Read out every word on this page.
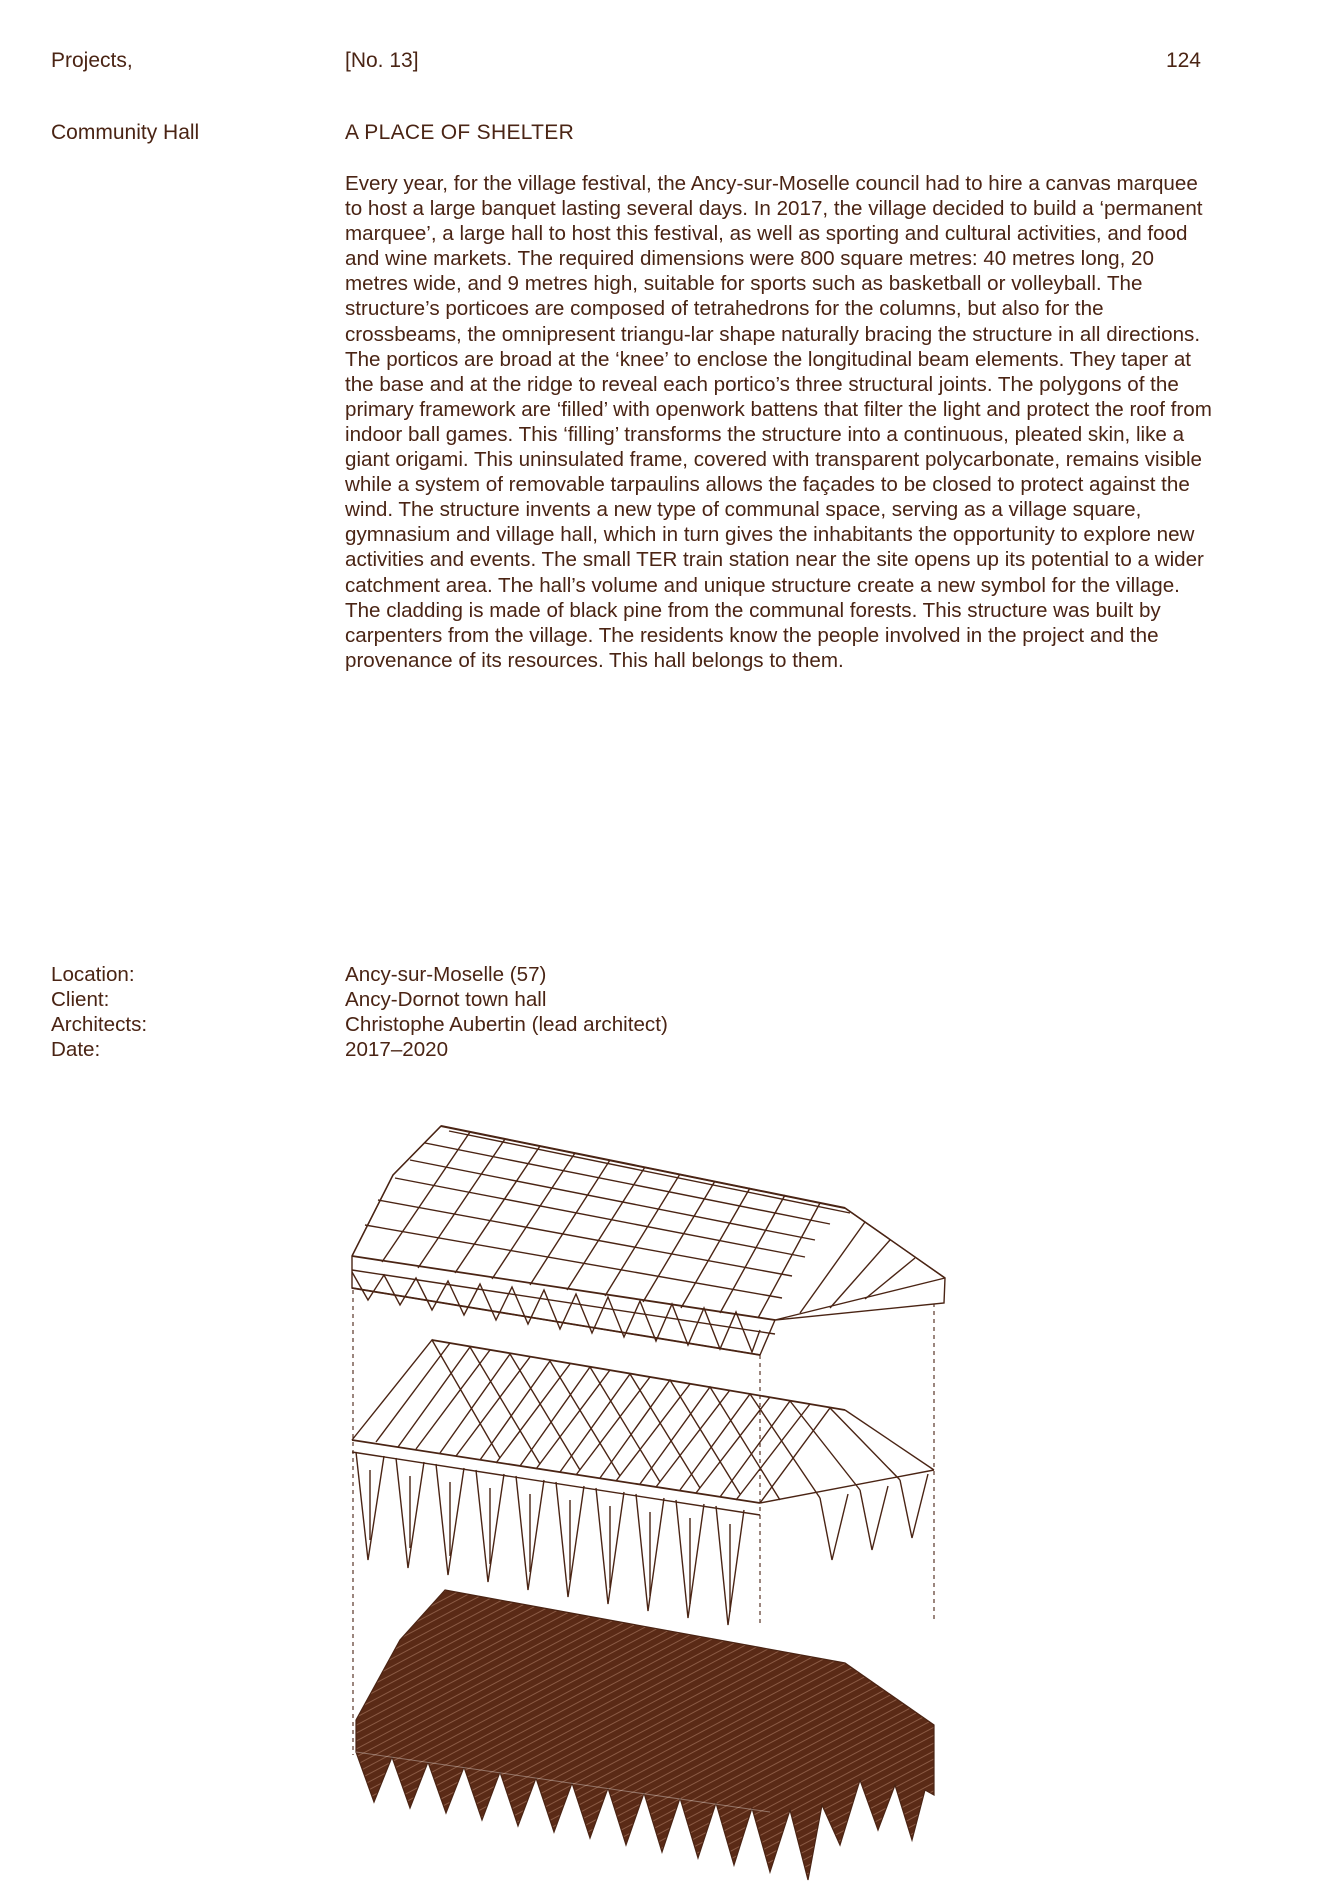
Projects,	[No. 13]	124
Community Hall	A PLACE OF SHELTER

Every year, for the village festival, the Ancy-sur-Moselle council had to hire a canvas marquee to host a large banquet lasting several days. In 2017, the village decided to build a ‘permanent marquee’, a large hall to host this festival, as well as sporting and cultural activities, and food and wine markets. The required dimensions were 800 square metres: 40 metres long, 20 metres wide, and 9 metres high, suitable for sports such as basketball or volleyball. The structure’s porticoes are composed of tetrahedrons for the columns, but also for the crossbeams, the omnipresent triangu-lar shape naturally bracing the structure in all directions. The porticos are broad at the ‘knee’ to enclose the longitudinal beam elements. They taper at the base and at the ridge to reveal each portico’s three structural joints. The polygons of the primary framework are ‘filled’ with openwork battens that filter the light and protect the roof from indoor ball games. This ‘filling’ transforms the structure into a continuous, pleated skin, like a giant origami. This uninsulated frame, covered with transparent polycarbonate, remains visible while a system of removable tarpaulins allows the façades to be closed to protect against the wind. The structure invents a new type of communal space, serving as a village square, gymnasium and village hall, which in turn gives the inhabitants the opportunity to explore new activities and events. The small TER train station near the site opens up its potential to a wider catchment area. The hall’s volume and unique structure create a new symbol for the village. The cladding is made of black pine from the communal forests. This structure was built by carpenters from the village. The residents know the people involved in the project and the provenance of its resources. This hall belongs to them.

Location:	Ancy-sur-Moselle (57)
Client:	Ancy-Dornot town hall
Architects:	Christophe Aubertin (lead architect)
Date:	2017–2020
